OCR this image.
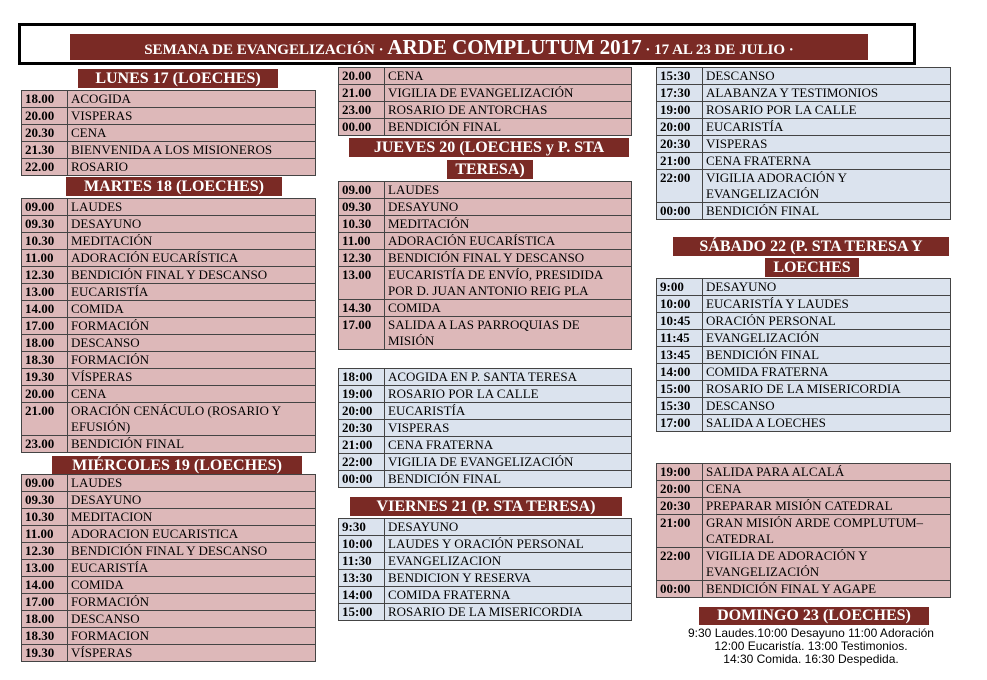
SEMANA DE EVANGELIZACIÓN · ARDE COMPLUTUM 2017 · 17 AL 23 DE JULIO ·
LUNES 17 (LOECHES)
18.00	ACOGIDA
20.00	VISPERAS
20.30	CENA
21.30	BIENVENIDA A LOS MISIONEROS
22.00	ROSARIO
MARTES 18 (LOECHES)
09.00	LAUDES
09.30	DESAYUNO
10.30	MEDITACIÓN
11.00	ADORACIÓN EUCARÍSTICA
12.30	BENDICIÓN FINAL Y DESCANSO
13.00	EUCARISTÍA
14.00	COMIDA
17.00	FORMACIÓN
18.00	DESCANSO
18.30	FORMACIÓN
19.30	VÍSPERAS
20.00	CENA
21.00	ORACIÓN CENÁCULO (ROSARIO Y EFUSIÓN)
23.00	BENDICIÓN FINAL
MIÉRCOLES 19 (LOECHES)
09.00	LAUDES
09.30	DESAYUNO
10.30	MEDITACION
11.00	ADORACION EUCARISTICA
12.30	BENDICIÓN FINAL Y DESCANSO
13.00	EUCARISTÍA
14.00	COMIDA
17.00	FORMACIÓN
18.00	DESCANSO
18.30	FORMACION
19.30	VÍSPERAS
20.00	CENA
21.00	VIGILIA DE EVANGELIZACIÓN
23.00	ROSARIO DE ANTORCHAS
00.00	BENDICIÓN FINAL
JUEVES 20 (LOECHES y P. STA
TERESA)
09.00	LAUDES
09.30	DESAYUNO
10.30	MEDITACIÓN
11.00	ADORACIÓN EUCARÍSTICA
12.30	BENDICIÓN FINAL Y DESCANSO
13.00	EUCARISTÍA DE ENVÍO, PRESIDIDA POR D. JUAN ANTONIO REIG PLA
14.30	COMIDA
17.00	SALIDA A LAS PARROQUIAS DE MISIÓN
18:00	ACOGIDA EN P. SANTA TERESA
19:00	ROSARIO POR LA CALLE
20:00	EUCARISTÍA
20:30	VISPERAS
21:00	CENA FRATERNA
22:00	VIGILIA DE EVANGELIZACIÓN
00:00	BENDICIÓN FINAL
VIERNES 21 (P. STA TERESA)
9:30	DESAYUNO
10:00	LAUDES Y ORACIÓN PERSONAL
11:30	EVANGELIZACION
13:30	BENDICION Y RESERVA
14:00	COMIDA FRATERNA
15:00	ROSARIO DE LA MISERICORDIA
15:30	DESCANSO
17:30	ALABANZA Y TESTIMONIOS
19:00	ROSARIO POR LA CALLE
20:00	EUCARISTÍA
20:30	VISPERAS
21:00	CENA FRATERNA
22:00	VIGILIA ADORACIÓN Y EVANGELIZACIÓN
00:00	BENDICIÓN FINAL
SÁBADO 22 (P. STA TERESA Y
LOECHES
9:00	DESAYUNO
10:00	EUCARISTÍA Y LAUDES
10:45	ORACIÓN PERSONAL
11:45	EVANGELIZACIÓN
13:45	BENDICIÓN FINAL
14:00	COMIDA FRATERNA
15:00	ROSARIO DE LA MISERICORDIA
15:30	DESCANSO
17:00	SALIDA A LOECHES
19:00	SALIDA PARA ALCALÁ
20:00	CENA
20:30	PREPARAR MISIÓN CATEDRAL
21:00	GRAN MISIÓN ARDE COMPLUTUM–CATEDRAL
22:00	VIGILIA DE ADORACIÓN Y EVANGELIZACIÓN
00:00	BENDICIÓN FINAL Y AGAPE
DOMINGO 23 (LOECHES)
9:30 Laudes.10:00 Desayuno 11:00 Adoración
12:00 Eucaristía. 13:00 Testimonios.
14:30 Comida. 16:30 Despedida.
